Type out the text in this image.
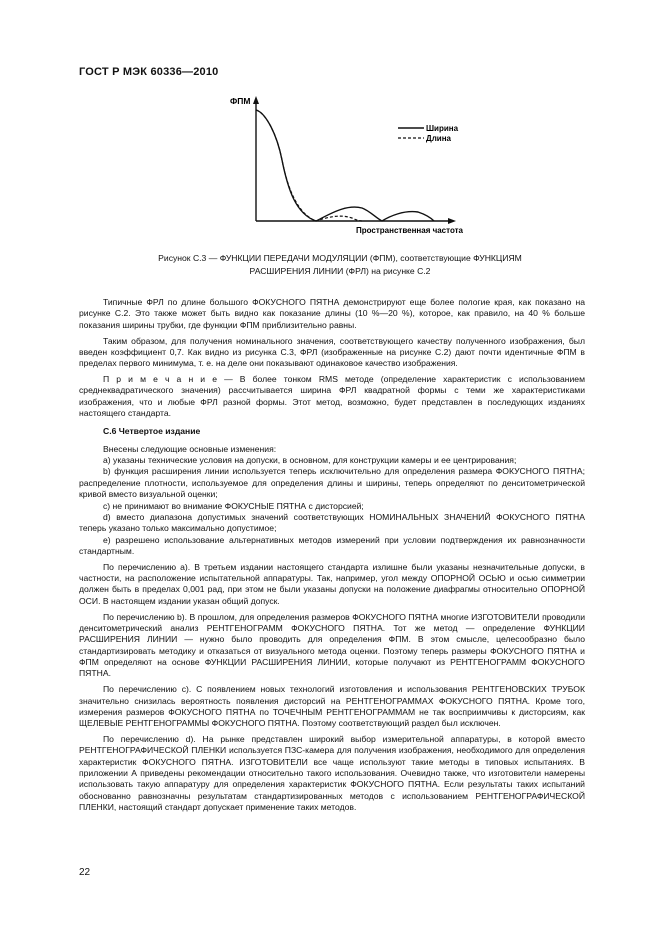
ГОСТ Р МЭК 60336—2010
ФПМ
Пространственная частота
Ширина
Длина
Рисунок С.3 — ФУНКЦИИ ПЕРЕДАЧИ МОДУЛЯЦИИ (ФПМ), соответствующие ФУНКЦИЯМ
РАСШИРЕНИЯ ЛИНИИ (ФРЛ) на рисунке С.2

Типичные ФРЛ по длине большого ФОКУСНОГО ПЯТНА демонстрируют еще более пологие края, как показано на рисунке С.2. Это также может быть видно как показание длины (10 %—20 %), которое, как правило, на 40 % больше показания ширины трубки, где функции ФПМ приблизительно равны.

Таким образом, для получения номинального значения, соответствующего качеству полученного изображения, был введен коэффициент 0,7. Как видно из рисунка С.3, ФРЛ (изображенные на рисунке С.2) дают почти идентичные ФПМ в пределах первого минимума, т. е. на деле они показывают одинаковое качество изображения.

П р и м е ч а н и е — В более тонком RMS методе (определение характеристик с использованием среднеквадратического значения) рассчитывается ширина ФРЛ квадратной формы с теми же характеристиками изображения, что и любые ФРЛ разной формы. Этот метод, возможно, будет представлен в последующих изданиях настоящего стандарта.

С.6 Четвертое издание

Внесены следующие основные изменения:

a) указаны технические условия на допуски, в основном, для конструкции камеры и ее центрирования;

b) функция расширения линии используется теперь исключительно для определения размера ФОКУСНОГО ПЯТНА; распределение плотности, используемое для определения длины и ширины, теперь определяют по денситометрической кривой вместо визуальной оценки;

c) не принимают во внимание ФОКУСНЫЕ ПЯТНА с дисторсией;

d) вместо диапазона допустимых значений соответствующих НОМИНАЛЬНЫХ ЗНАЧЕНИЙ ФОКУСНОГО ПЯТНА теперь указано только максимально допустимое;

e) разрешено использование альтернативных методов измерений при условии подтверждения их равнозначности стандартным.

По перечислению a). В третьем издании настоящего стандарта излишне были указаны незначительные допуски, в частности, на расположение испытательной аппаратуры. Так, например, угол между ОПОРНОЙ ОСЬЮ и осью симметрии должен быть в пределах 0,001 рад, при этом не были указаны допуски на положение диафрагмы относительно ОПОРНОЙ ОСИ. В настоящем издании указан общий допуск.

По перечислению b). В прошлом, для определения размеров ФОКУСНОГО ПЯТНА многие ИЗГОТОВИТЕЛИ проводили денситометрический анализ РЕНТГЕНОГРАММ ФОКУСНОГО ПЯТНА. Тот же метод — определение ФУНКЦИИ РАСШИРЕНИЯ ЛИНИИ — нужно было проводить для определения ФПМ. В этом смысле, целесообразно было стандартизировать методику и отказаться от визуального метода оценки. Поэтому теперь размеры ФОКУСНОГО ПЯТНА и ФПМ определяют на основе ФУНКЦИИ РАСШИРЕНИЯ ЛИНИИ, которые получают из РЕНТГЕНОГРАММ ФОКУСНОГО ПЯТНА.

По перечислению c). С появлением новых технологий изготовления и использования РЕНТГЕНОВСКИХ ТРУБОК значительно снизилась вероятность появления дисторсий на РЕНТГЕНОГРАММАХ ФОКУСНОГО ПЯТНА. Кроме того, измерения размеров ФОКУСНОГО ПЯТНА по ТОЧЕЧНЫМ РЕНТГЕНОГРАММАМ не так восприимчивы к дисторсиям, как ЩЕЛЕВЫЕ РЕНТГЕНОГРАММЫ ФОКУСНОГО ПЯТНА. Поэтому соответствующий раздел был исключен.

По перечислению d). На рынке представлен широкий выбор измерительной аппаратуры, в которой вместо РЕНТГЕНОГРАФИЧЕСКОЙ ПЛЕНКИ используется ПЗС-камера для получения изображения, необходимого для определения характеристик ФОКУСНОГО ПЯТНА. ИЗГОТОВИТЕЛИ все чаще используют такие методы в типовых испытаниях. В приложении А приведены рекомендации относительно такого использования. Очевидно также, что изготовители намерены использовать такую аппаратуру для определения характеристик ФОКУСНОГО ПЯТНА. Если результаты таких испытаний обоснованно равнозначны результатам стандартизированных методов с использованием РЕНТГЕНОГРАФИЧЕСКОЙ ПЛЕНКИ, настоящий стандарт допускает применение таких методов.

22
